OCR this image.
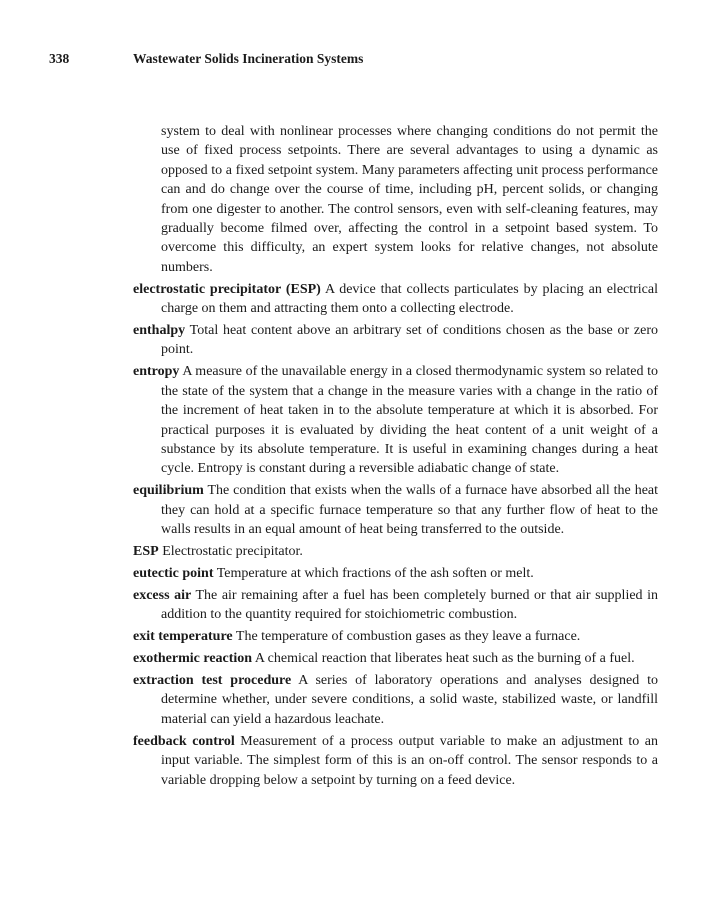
338	Wastewater Solids Incineration Systems

system to deal with nonlinear processes where changing conditions do not permit the use of fixed process setpoints. There are several advantages to using a dynamic as opposed to a fixed setpoint system. Many parameters affecting unit process performance can and do change over the course of time, including pH, percent solids, or changing from one digester to another. The control sensors, even with self-cleaning features, may gradually become filmed over, affecting the control in a setpoint based system. To overcome this difficulty, an expert system looks for relative changes, not absolute numbers.

electrostatic precipitator (ESP) A device that collects particulates by placing an electrical charge on them and attracting them onto a collecting electrode.

enthalpy Total heat content above an arbitrary set of conditions chosen as the base or zero point.

entropy A measure of the unavailable energy in a closed thermodynamic system so related to the state of the system that a change in the measure varies with a change in the ratio of the increment of heat taken in to the absolute temperature at which it is absorbed. For practical purposes it is evaluated by dividing the heat content of a unit weight of a substance by its absolute temperature. It is useful in examining changes during a heat cycle. Entropy is constant during a reversible adiabatic change of state.

equilibrium The condition that exists when the walls of a furnace have absorbed all the heat they can hold at a specific furnace temperature so that any further flow of heat to the walls results in an equal amount of heat being transferred to the outside.

ESP Electrostatic precipitator.

eutectic point Temperature at which fractions of the ash soften or melt.

excess air The air remaining after a fuel has been completely burned or that air supplied in addition to the quantity required for stoichiometric combustion.

exit temperature The temperature of combustion gases as they leave a furnace.

exothermic reaction A chemical reaction that liberates heat such as the burning of a fuel.

extraction test procedure A series of laboratory operations and analyses designed to determine whether, under severe conditions, a solid waste, stabilized waste, or landfill material can yield a hazardous leachate.

feedback control Measurement of a process output variable to make an adjustment to an input variable. The simplest form of this is an on-off control. The sensor responds to a variable dropping below a setpoint by turning on a feed device.
